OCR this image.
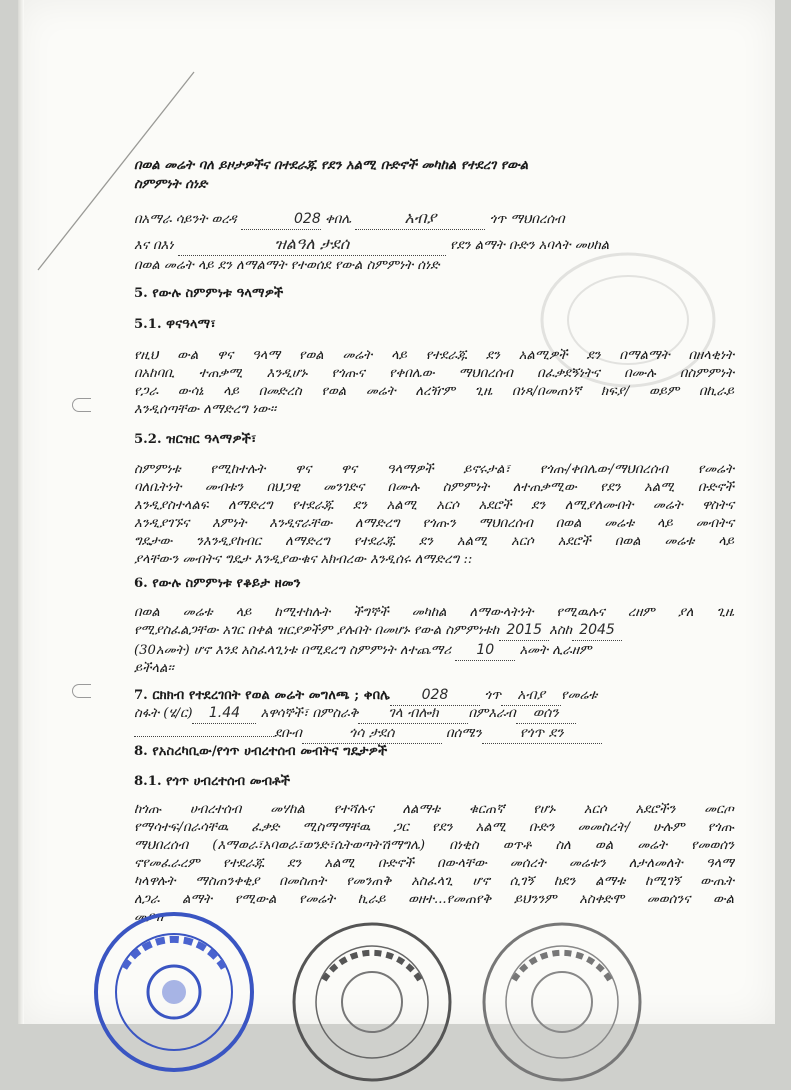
በወል መሬት ባለ ይዞታዎችና በተደራጁ የደን አልሚ ቡድኖች መካከል የተደረገ የውል
ስምምነት ሰነድ
በአማራ ሳይንት ወረዳ	028 ቀበሌ	አብያ	ጎጥ ማህበረሰብ
እና በእነ	ዝልዓለ ታደሰ	የደን ልማት ቡድን አባላት መሀከል
በወል መሬት ላይ ደን ለማልማት የተወሰደ የውል ስምምነት ሰነድ
5. የውሉ ስምምነቱ ዓላማዎች
5.1. ዋናዓላማ፣
የዚህ ውል ዋና ዓላማ የወል መሬት ላይ የተደራጁ ደን አልሚዎች ደን በማልማት በዘላቂነት
በአከባቢ ተጠቃሚ እንዲሆኑ የጎጡና የቀበሌው ማህበረሰብ በፈቃደኝነትና በሙሉ በስምምነት
የጋራ ውሳኔ ላይ በመድረስ የወል መሬት ለረዥም ጊዜ በነጻ/በመጠነኛ ክፍያ/ ወይም በኪራይ
እንዲሰጣቸው ለማድረግ ነው፡፡
5.2. ዝርዝር ዓላማዎች፣
ስምምነቱ የሚከተሉት ዋና ዋና ዓላማዎች ይኖሩታል፣ የጎጡ/ቀበሌው/ማህበረሰብ የመሬት
ባለቤትነት መብቱን በህጋዊ መንገድና በሙሉ ስምምነት ለተጠቃሚው የደን አልሚ ቡድኖች
እንዲያስተላልፍ ለማድረግ የተደራጁ ደን አልሚ አርሶ አደሮች ደን ለሚያለሙበት መሬት ዋስትና
እንዲያገኙና እምነት እንዲኖራቸው ለማድረግ የጎጡን ማህበረሰብ በወል መሬቱ ላይ መብትና
ግዴታው ንእንዲያከብር ለማድረግ የተደራጁ ደን አልሚ አርሶ አደሮች በወል መሬቱ ላይ
ያላቸውን መብትና ግዴታ እንዲያውቁና አክብረው እንዲሰሩ ለማድረግ ::
6. የውሉ ስምምነቱ የቆይታ ዘመን
በወል መሬቱ ላይ ከሚተከሉት ችግኞች መካከል ለማውላትነት የሚዉሉና ረዘም ያለ ጊዜ
የሚያስፈልጋቸው አገር በቀል ዝርያዎችም ያሉበት በመሆኑ የውል ስምምነቱከ 2015 እስከ 2045
(30አመት) ሆኖ እንደ አስፈላጊነቱ በሚደረግ ስምምነት ለተጨማሪ 10 አመት ሊራዘም
ይችላል፡፡
7. ርክክብ የተደረገበት የወል መሬት መግለጫ ; ቀበሌ 028	ጎጥ አብያ የመሬቱ
ስፋት (ሄ/ር) 1.44 አዋሳኞች፣ በምስራቅ ገላ ብሎክ በምእራብ ወሰን
ደቡብ	ጎሳ ታደሰ	በሰሜን	የጎጥ ደን
8. የአስረካቢው/የጎጥ ሀብረተሰብ መብትና ግዴታዎች
8.1. የጎጥ ሀብረተሰብ መብቶች
ከጎጡ ሀብረተሰብ መሃከል የተሻሉና ለልማቱ ቁርጠኛ የሆኑ አርሶ አደሮችን መርጦ
የማሳተፍ/በራሳቸዉ ፈቃድ ሚስማማቸዉ ጋር የደን አልሚ ቡድን መመስረት/ ሁሉም የጎጡ
ማህበረሰብ (እማወራ፣አባወራ፣ወንድ፣ሴትወጣትሽማግሌ) በነቂስ ወጥቶ ስለ ወል መሬት የመወሰን
ኖየመፈራረም የተደራጁ ደን አልሚ ቡድኖች በውላቸው መሰረት መሬቱን ለታለመለት ዓላማ
ካላዋሉት ማስጠንቀቂያ በመስጠት የመንጠቅ አስፈላጊ ሆኖ ሲገኝ ከደን ልማቱ ከሚገኝ ውጤት
ለጋራ ልማት የሚውል የመሬት ኪራይ ወዘተ...የመጠየቅ ይህንንም አስቀድሞ መወሰንና ውል
መያዝ
